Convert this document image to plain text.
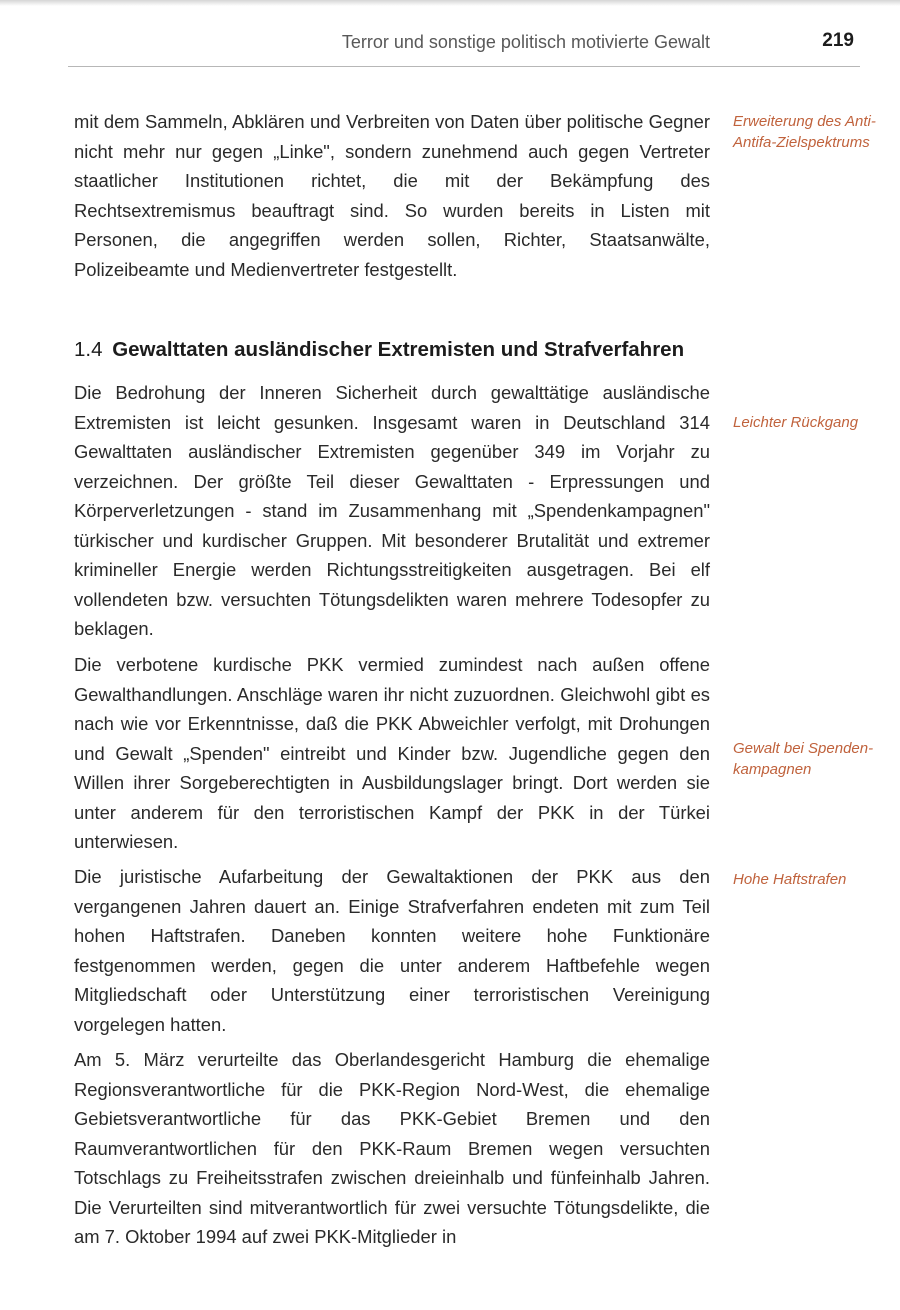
Terror und sonstige politisch motivierte Gewalt	219

mit dem Sammeln, Abklären und Verbreiten von Daten über politische Gegner nicht mehr nur gegen „Linke", sondern zunehmend auch gegen Vertreter staatlicher Institutionen richtet, die mit der Bekämpfung des Rechtsextremismus beauftragt sind. So wurden bereits in Listen mit Personen, die angegriffen werden sollen, Richter, Staatsanwälte, Polizeibeamte und Medienvertreter festgestellt.

1.4 Gewalttaten ausländischer Extremisten und Strafverfahren

Die Bedrohung der Inneren Sicherheit durch gewalttätige ausländische Extremisten ist leicht gesunken. Insgesamt waren in Deutschland 314 Gewalttaten ausländischer Extremisten gegenüber 349 im Vorjahr zu verzeichnen. Der größte Teil dieser Gewalttaten - Erpressungen und Körperverletzungen - stand im Zusammenhang mit „Spendenkampagnen" türkischer und kurdischer Gruppen. Mit besonderer Brutalität und extremer krimineller Energie werden Richtungsstreitigkeiten ausgetragen. Bei elf vollendeten bzw. versuchten Tötungsdelikten waren mehrere Todesopfer zu beklagen.

Die verbotene kurdische PKK vermied zumindest nach außen offene Gewalthandlungen. Anschläge waren ihr nicht zuzuordnen. Gleichwohl gibt es nach wie vor Erkenntnisse, daß die PKK Abweichler verfolgt, mit Drohungen und Gewalt „Spenden" eintreibt und Kinder bzw. Jugendliche gegen den Willen ihrer Sorgeberechtigten in Ausbildungslager bringt. Dort werden sie unter anderem für den terroristischen Kampf der PKK in der Türkei unterwiesen.

Die juristische Aufarbeitung der Gewaltaktionen der PKK aus den vergangenen Jahren dauert an. Einige Strafverfahren endeten mit zum Teil hohen Haftstrafen. Daneben konnten weitere hohe Funktionäre festgenommen werden, gegen die unter anderem Haftbefehle wegen Mitgliedschaft oder Unterstützung einer terroristischen Vereinigung vorgelegen hatten.

Am 5. März verurteilte das Oberlandesgericht Hamburg die ehemalige Regionsverantwortliche für die PKK-Region Nord-West, die ehemalige Gebietsverantwortliche für das PKK-Gebiet Bremen und den Raumverantwortlichen für den PKK-Raum Bremen wegen versuchten Totschlags zu Freiheitsstrafen zwischen dreieinhalb und fünfeinhalb Jahren. Die Verurteilten sind mitverantwortlich für zwei versuchte Tötungsdelikte, die am 7. Oktober 1994 auf zwei PKK-Mitglieder in

Erweiterung des Anti-Antifa-Zielspektrums
Leichter Rückgang
Gewalt bei Spenden-kampagnen
Hohe Haftstrafen
